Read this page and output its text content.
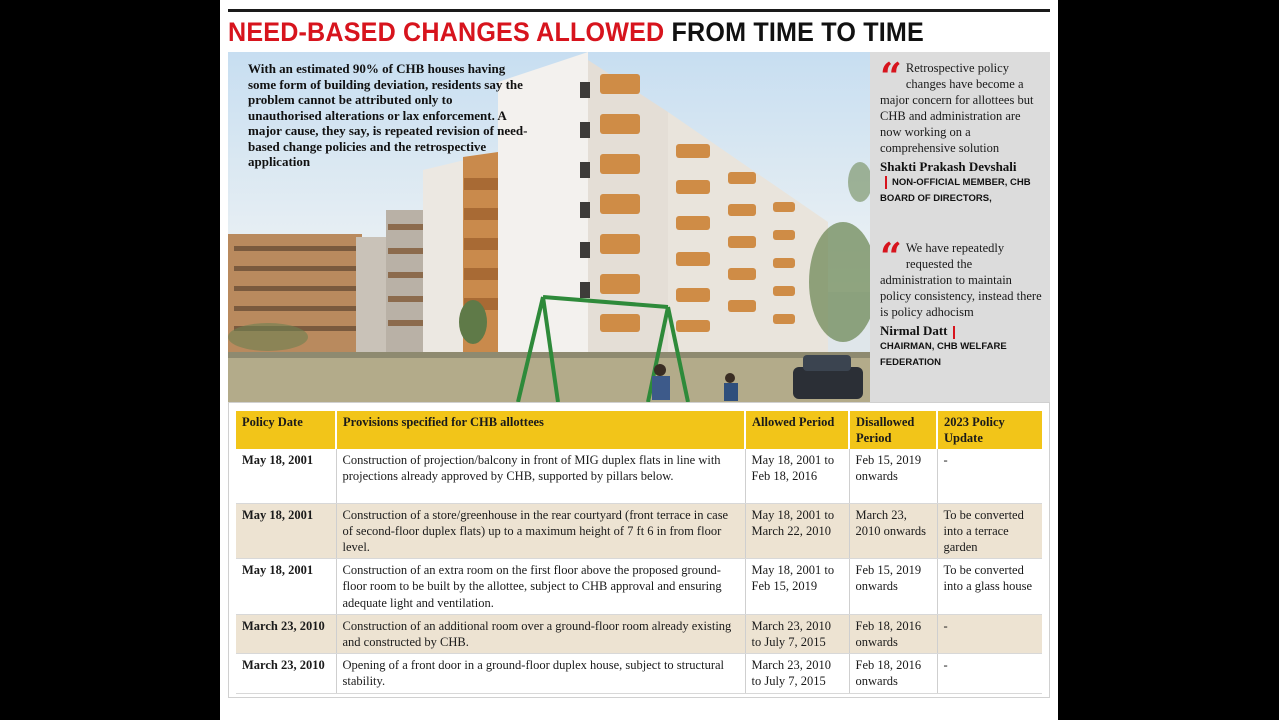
NEED-BASED CHANGES ALLOWED FROM TIME TO TIME
With an estimated 90% of CHB houses having some form of building deviation, residents say the problem cannot be attributed only to unauthorised alterations or lax enforcement. A major cause, they say, is repeated revision of need-based change policies and the retrospective application
“ Retrospective policy changes have become a major concern for allottees but CHB and administration are now working on a comprehensive solution
Shakti Prakash Devshali
NON-OFFICIAL MEMBER, CHB BOARD OF DIRECTORS,
“ We have repeatedly requested the administration to maintain policy consistency, instead there is policy adhocism
Nirmal Datt
CHAIRMAN, CHB WELFARE FEDERATION
Policy Date	Provisions specified for CHB allottees	Allowed Period	Disallowed Period	2023 Policy Update
May 18, 2001	Construction of projection/balcony in front of MIG duplex flats in line with projections already approved by CHB, supported by pillars below.	May 18, 2001 to Feb 18, 2016	Feb 15, 2019 onwards	-
May 18, 2001	Construction of a store/greenhouse in the rear courtyard (front terrace in case of second-floor duplex flats) up to a maximum height of 7 ft 6 in from floor level.	May 18, 2001 to March 22, 2010	March 23, 2010 onwards	To be converted into a terrace garden
May 18, 2001	Construction of an extra room on the first floor above the proposed ground-floor room to be built by the allottee, subject to CHB approval and ensuring adequate light and ventilation.	May 18, 2001 to Feb 15, 2019	Feb 15, 2019 onwards	To be converted into a glass house
March 23, 2010	Construction of an additional room over a ground-floor room already existing and constructed by CHB.	March 23, 2010 to July 7, 2015	Feb 18, 2016 onwards	-
March 23, 2010	Opening of a front door in a ground-floor duplex house, subject to structural stability.	March 23, 2010 to July 7, 2015	Feb 18, 2016 onwards	-
